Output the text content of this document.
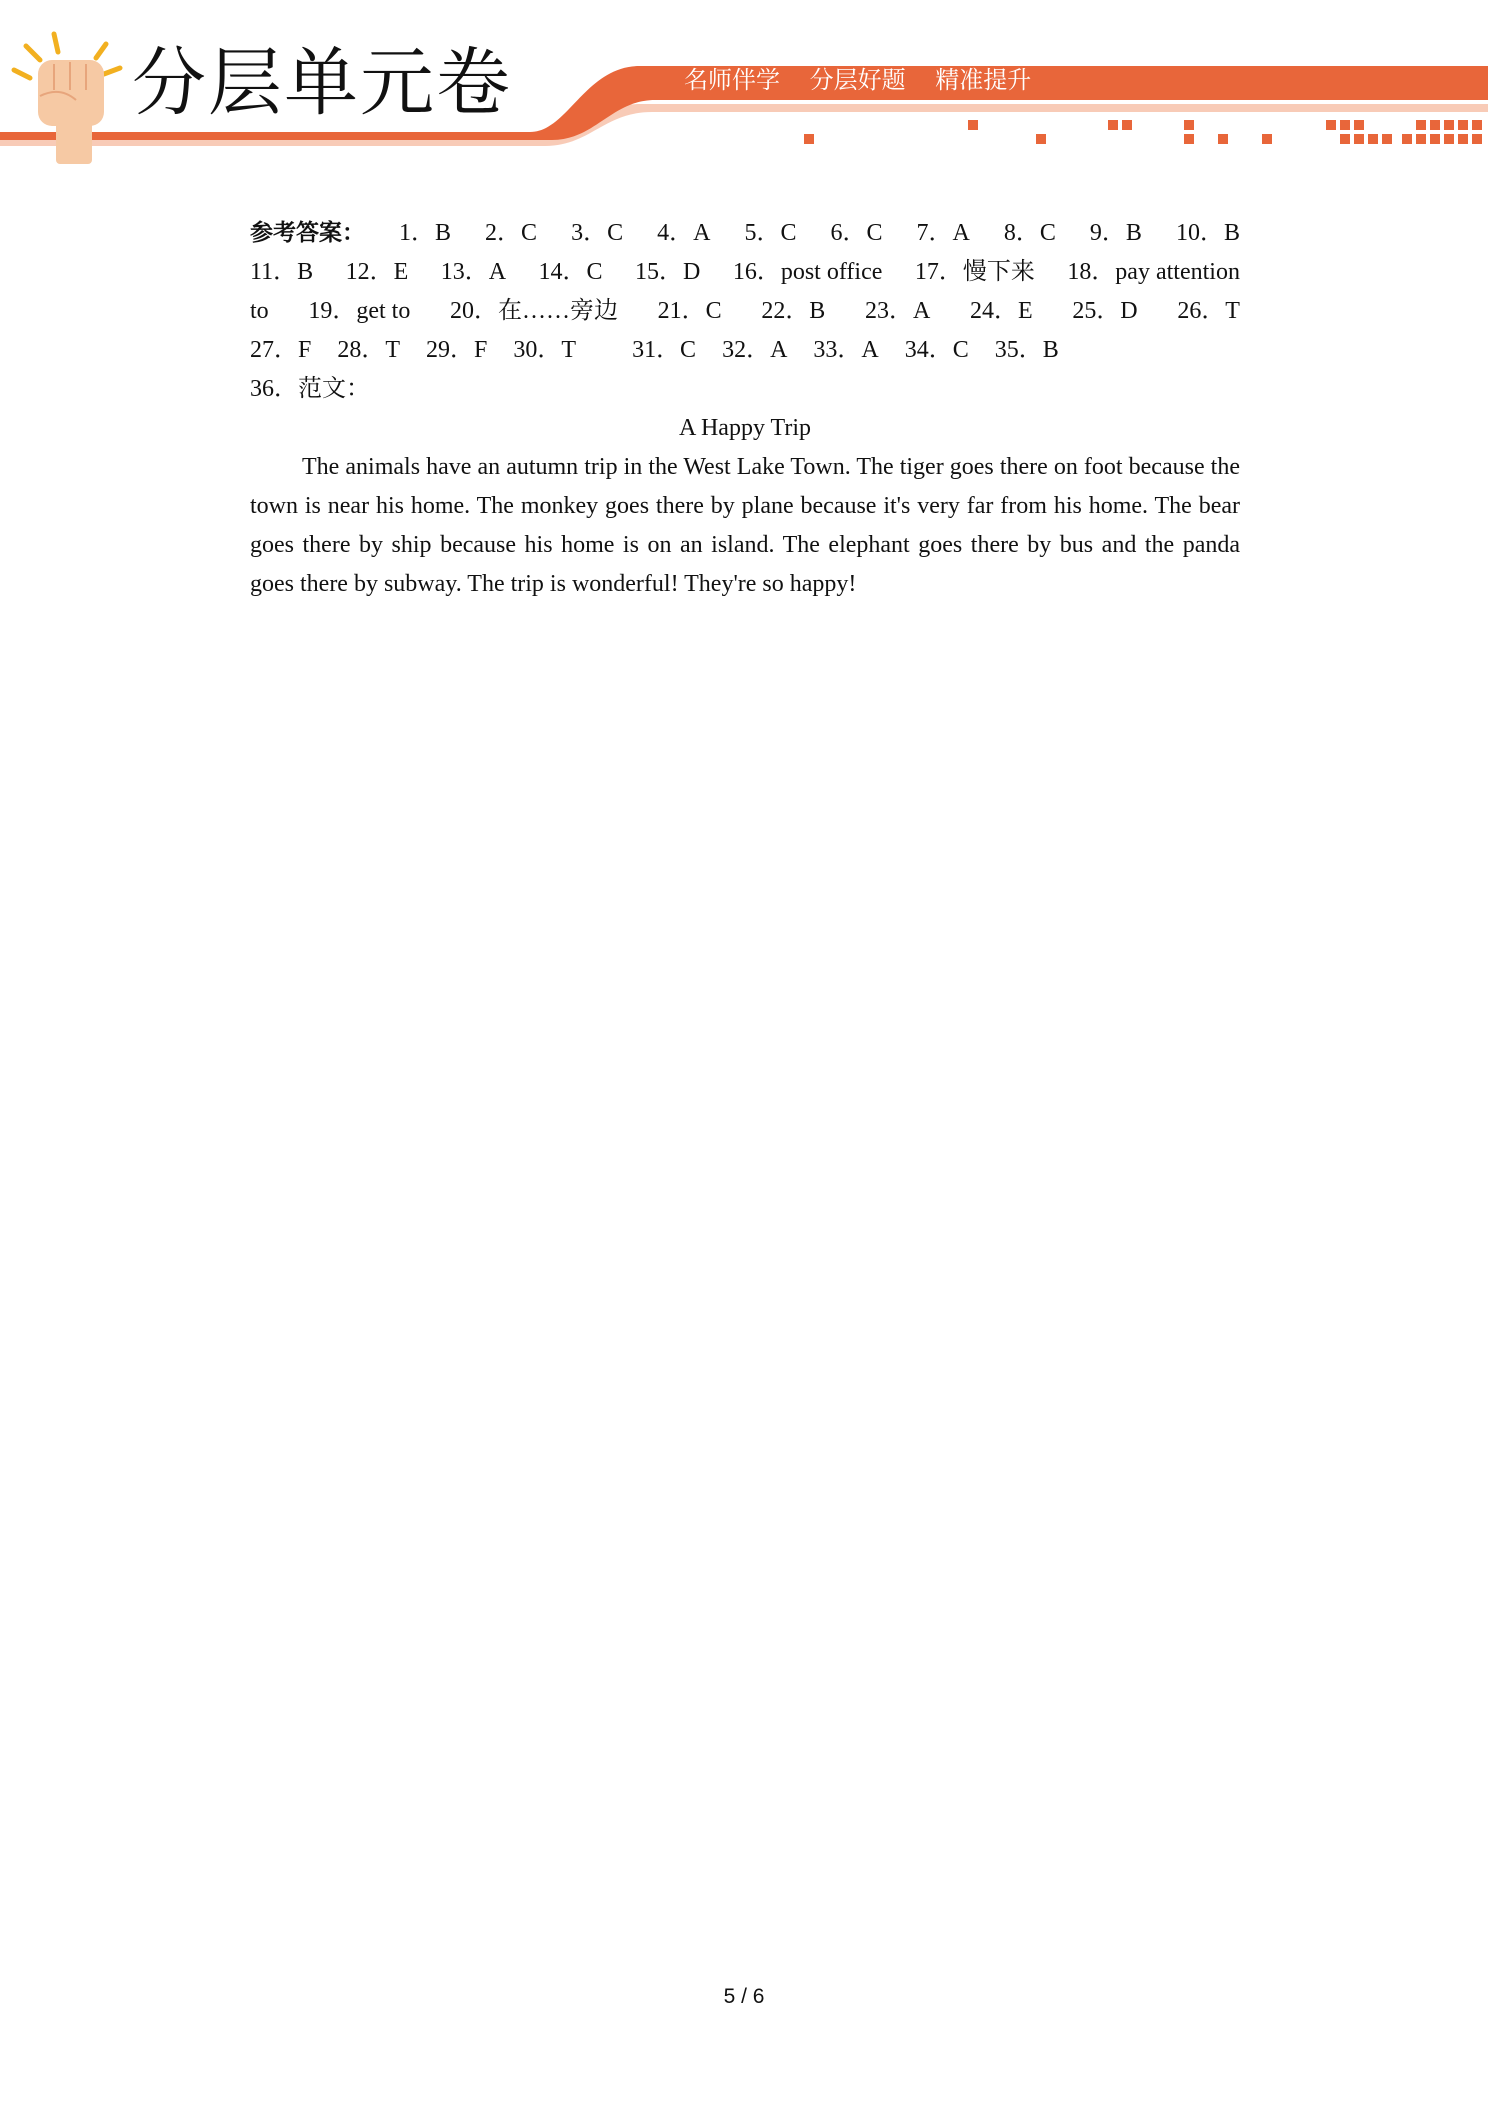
分层单元卷	名师伴学 分层好题 精准提升
参考答案： 1．B 2．C 3．C 4．A 5．C 6．C 7．A 8．C 9．B 10．B
11．B 12．E 13．A 14．C 15．D 16．post office 17．慢下来 18．pay attention
to 19．get to 20．在……旁边 21．C 22．B 23．A 24．E 25．D 26．T
27．F 28．T 29．F 30．T 31．C 32．A 33．A 34．C 35．B
36．范文：
A Happy Trip

The animals have an autumn trip in the West Lake Town. The tiger goes there on foot because the town is near his home. The monkey goes there by plane because it's very far from his home. The bear goes there by ship because his home is on an island. The elephant goes there by bus and the panda goes there by subway. The trip is wonderful! They're so happy!

5 / 6
